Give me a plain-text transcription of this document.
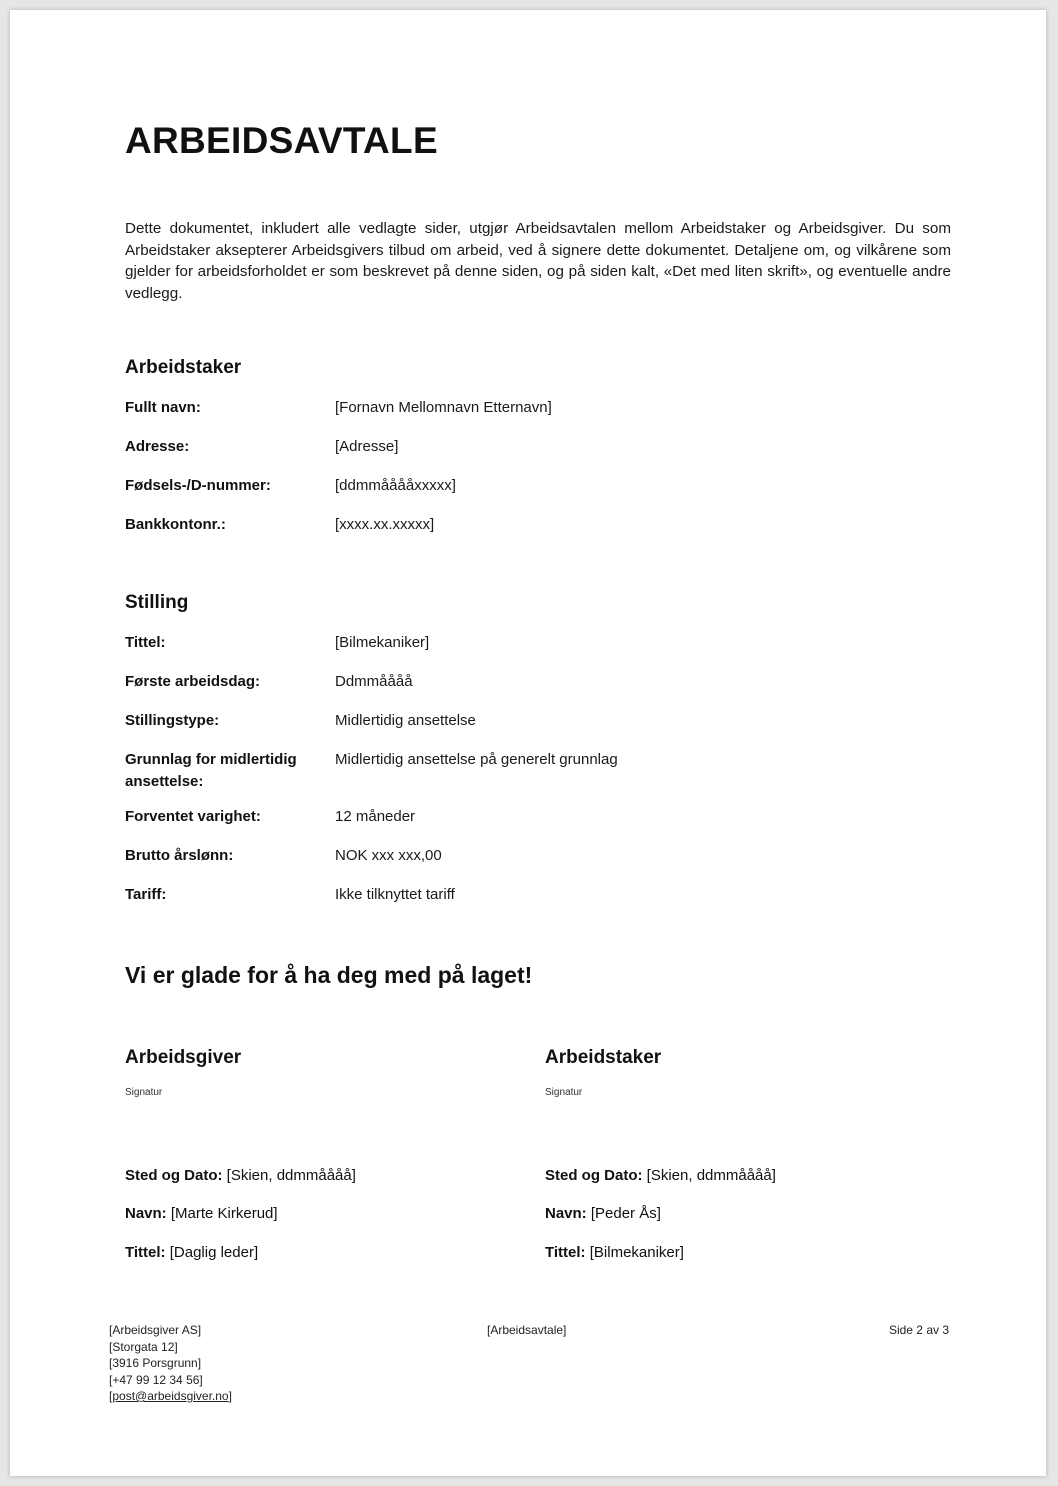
ARBEIDSAVTALE
Dette dokumentet, inkludert alle vedlagte sider, utgjør Arbeidsavtalen mellom Arbeidstaker og Arbeidsgiver. Du som Arbeidstaker aksepterer Arbeidsgivers tilbud om arbeid, ved å signere dette dokumentet. Detaljene om, og vilkårene som gjelder for arbeidsforholdet er som beskrevet på denne siden, og på siden kalt, «Det med liten skrift», og eventuelle andre vedlegg.
Arbeidstaker
Fullt navn:	[Fornavn Mellomnavn Etternavn]
Adresse:	[Adresse]
Fødsels-/D-nummer:	[ddmmååååxxxxx]
Bankkontonr.:	[xxxx.xx.xxxxx]
Stilling
Tittel:	[Bilmekaniker]
Første arbeidsdag:	Ddmmåååå
Stillingstype:	Midlertidig ansettelse
Grunnlag for midlertidig ansettelse:
Midlertidig ansettelse på generelt grunnlag
Forventet varighet:	12 måneder
Brutto årslønn:	NOK xxx xxx,00
Tariff:	Ikke tilknyttet tariff
Vi er glade for å ha deg med på laget!
Arbeidsgiver
Signatur
Sted og Dato: [Skien, ddmmåååå]
Navn: [Marte Kirkerud]
Tittel: [Daglig leder]
Arbeidstaker
Signatur
Sted og Dato: [Skien, ddmmåååå]
Navn: [Peder Ås]
Tittel: [Bilmekaniker]
[Arbeidsgiver AS]
[Storgata 12]
[3916 Porsgrunn]
[+47 99 12 34 56]
[post@arbeidsgiver.no]
[Arbeidsavtale]	Side 2 av 3
